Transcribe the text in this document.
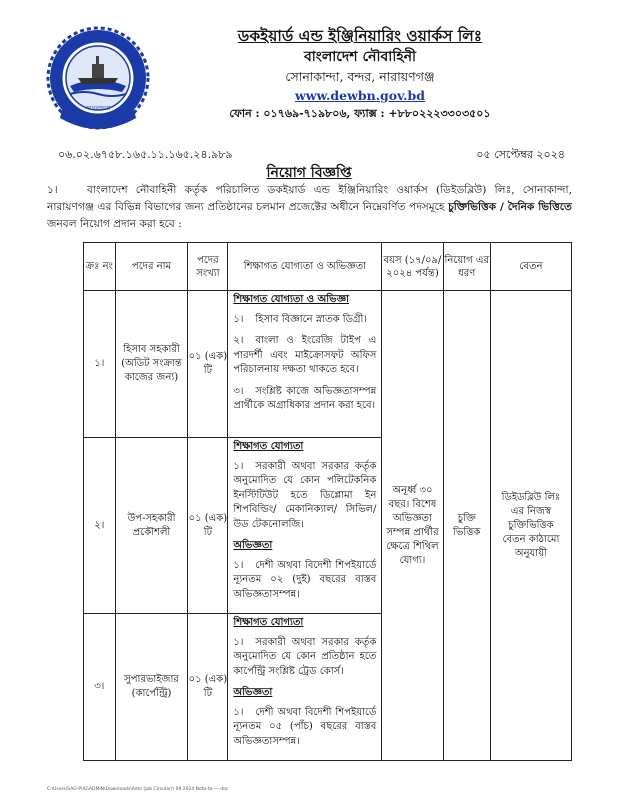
সাগরজয়ে

ডকইয়ার্ড এন্ড ইঞ্জিনিয়ারিং ওয়ার্কস লিঃ

বাংলাদেশ নৌবাহিনী

সোনাকান্দা, বন্দর, নারায়ণগঞ্জ

www.dewbn.gov.bd

ফোন : ০১৭৬৯-৭১৯৮০৬, ফ্যাক্স : +৮৮০২২২৩৩০৩৫০১

০৬.০২.৬৭৫৮.১৬৫.১১.১৬৫.২৪.৯৮৯	০৫ সেপ্টেম্বর ২০২৪
নিয়োগ বিজ্ঞপ্তি
১।	বাংলাদেশ নৌবাহিনী কর্তৃক পরিচালিত ডকইয়ার্ড এন্ড ইঞ্জিনিয়ারিং ওয়ার্কস (ডিইডব্লিউ) লিঃ, সোনাকান্দা, নারায়ণগঞ্জ এর বিভিন্ন বিভাগের জন্য প্রতিষ্ঠানের চলমান প্রজেক্টের অধীনে নিম্নেবর্ণিত পদসমূহে চুক্তিভিত্তিক / দৈনিক ভিত্তিতে জনবল নিয়োগ প্রদান করা হবে :
ক্রঃ নং	পদের নাম	পদের সংখ্যা	শিক্ষাগত যোগ্যতা ও অভিজ্ঞতা	বয়স (১৭/০৯/ ২০২৪ পর্যন্ত)	নিয়োগ এর ধরণ	বেতন
১।	হিসাব সহকারী (অডিট সংক্রান্ত কাজের জন্য)	০১ (এক) টি	শিক্ষাগত যোগ্যতা ও অভিজ্ঞা

১। হিসাব বিজ্ঞানে স্নাতক ডিগ্রী।

২। বাংলা ও ইংরেজি টাইপ এ পারদর্শী এবং মাইক্রোসফট অফিস পরিচালনায় দক্ষতা থাকতে হবে।

৩। সংশ্লিষ্ট কাজে অভিজ্ঞতাসম্পন্ন প্রার্থীকে অগ্রাধিকার প্রদান করা হবে।	অনূর্ধ্ব ৩০ বছর। বিশেষ অভিজ্ঞতা সম্পন্ন প্রার্থীর ক্ষেত্রে শিথিল যোগ্য।	চুক্তি ভিত্তিক	ডিইডব্লিউ লিঃ এর নিজস্ব চুক্তিভিত্তিক বেতন কাঠামো অনুযায়ী
২।	উপ-সহকারী প্রকৌশলী	০১ (এক) টি	শিক্ষাগত যোগ্যতা

১। সরকারী অথবা সরকার কর্তৃক অনুমোদিত যে কোন পলিটেকনিক ইনস্টিটিউট হতে ডিপ্লোমা ইন শিপবিল্ডিং/ মেকানিক্যাল/ সিভিল/ উড টেকনোলজি।

অভিজ্ঞতা

১। দেশী অথবা বিদেশী শিপইয়ার্ডে ন্যূনতম ০২ (দুই) বছরের বাস্তব অভিজ্ঞতাসম্পন্ন।			

৩।	সুপারভাইজার (কার্পেন্ট্রি)	০১ (এক) টি	শিক্ষাগত যোগ্যতা

১। সরকারী অথবা সরকার কর্তৃক অনুমোদিত যে কোন প্রতিষ্ঠান হতে কার্পেন্ট্রি সংশ্লিষ্ট ট্রেড কোর্স।

অভিজ্ঞতা

১। দেশী অথবা বিদেশী শিপইয়ার্ডে ন্যূনতম ০৫ (পাঁচ) বছরের বাস্তব অভিজ্ঞতাসম্পন্ন।			

C:\Users\SAG-P\IG\ADMIN\Downloads\Adm (Job Circular)\ 09 2024 Noto-to ---.doc
